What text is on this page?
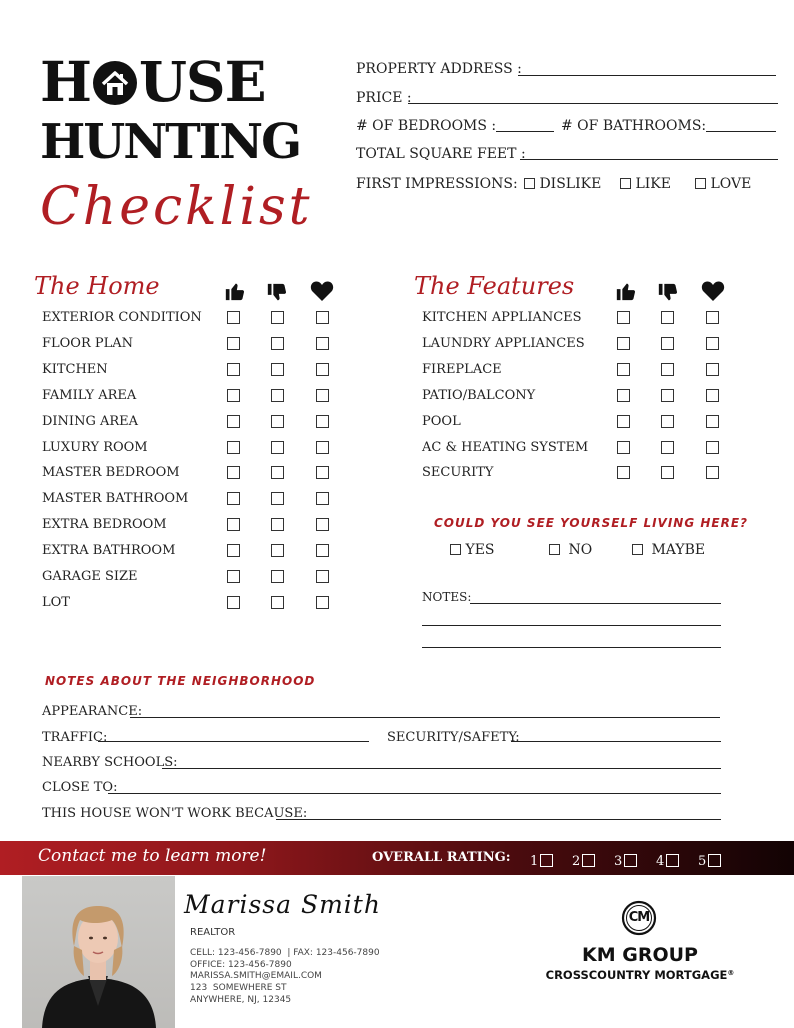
H USE
HUNTING
Checklist
PROPERTY ADDRESS :
PRICE :
# OF BEDROOMS :	# OF BATHROOMS:
TOTAL SQUARE FEET :
FIRST IMPRESSIONS:	DISLIKE	LIKE	LOVE
The Home
EXTERIOR CONDITION
FLOOR PLAN
KITCHEN
FAMILY AREA
DINING AREA
LUXURY ROOM
MASTER BEDROOM
MASTER BATHROOM
EXTRA BEDROOM
EXTRA BATHROOM
GARAGE SIZE
LOT
The Features
KITCHEN APPLIANCES
LAUNDRY APPLIANCES
FIREPLACE
PATIO/BALCONY
POOL
AC & HEATING SYSTEM
SECURITY
COULD YOU SEE YOURSELF LIVING HERE?
YES	NO	MAYBE
NOTES:
NOTES ABOUT THE NEIGHBORHOOD
APPEARANCE:
TRAFFIC:	SECURITY/SAFETY:
NEARBY SCHOOLS:
CLOSE TO:
THIS HOUSE WON'T WORK BECAUSE:
Contact me to learn more!	OVERALL RATING: 1	2	3	4	5
Marissa Smith
REALTOR
CELL: 123-456-7890  | FAX: 123-456-7890
OFFICE: 123-456-7890
MARISSA.SMITH@EMAIL.COM
123  SOMEWHERE ST
ANYWHERE, NJ, 12345
CM
KM GROUP
CROSSCOUNTRY MORTGAGE®
